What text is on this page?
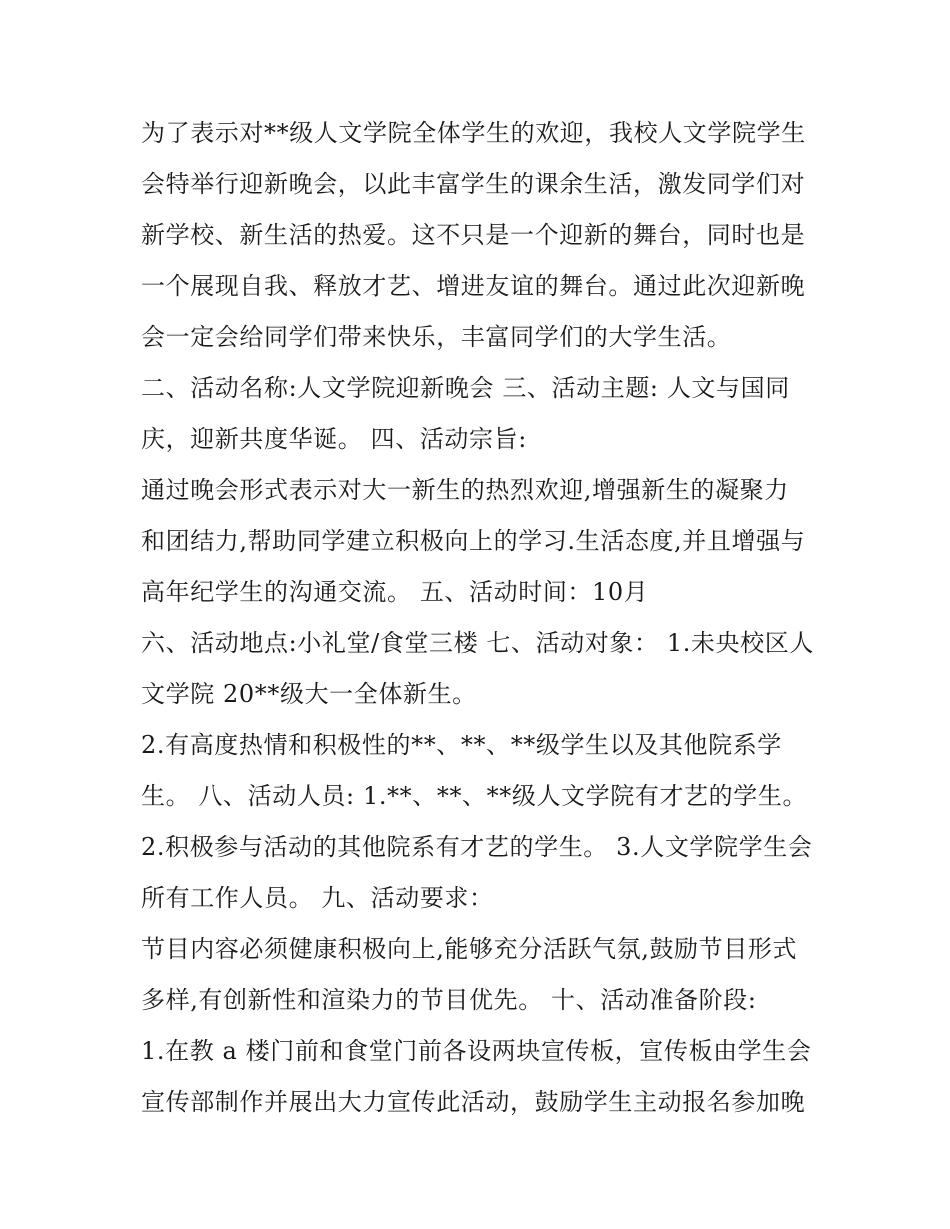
为了表示对**级人文学院全体学生的欢迎，我校人文学院学生
会特举行迎新晚会，以此丰富学生的课余生活，激发同学们对
新学校、新生活的热爱。这不只是一个迎新的舞台，同时也是
一个展现自我、释放才艺、增进友谊的舞台。通过此次迎新晚
会一定会给同学们带来快乐，丰富同学们的大学生活。
二、活动名称:人文学院迎新晚会 三、活动主题: 人文与国同
庆，迎新共度华诞。 四、活动宗旨:
通过晚会形式表示对大一新生的热烈欢迎,增强新生的凝聚力
和团结力,帮助同学建立积极向上的学习.生活态度,并且增强与
高年纪学生的沟通交流。 五、活动时间：10月
六、活动地点:小礼堂/食堂三楼 七、活动对象： 1.未央校区人
文学院 20**级大一全体新生。
2.有高度热情和积极性的**、**、**级学生以及其他院系学
生。 八、活动人员: 1.**、**、**级人文学院有才艺的学生。
2.积极参与活动的其他院系有才艺的学生。 3.人文学院学生会
所有工作人员。 九、活动要求：
节目内容必须健康积极向上,能够充分活跃气氛,鼓励节目形式
多样,有创新性和渲染力的节目优先。 十、活动准备阶段:
1.在教 a 楼门前和食堂门前各设两块宣传板，宣传板由学生会
宣传部制作并展出大力宣传此活动，鼓励学生主动报名参加晚
